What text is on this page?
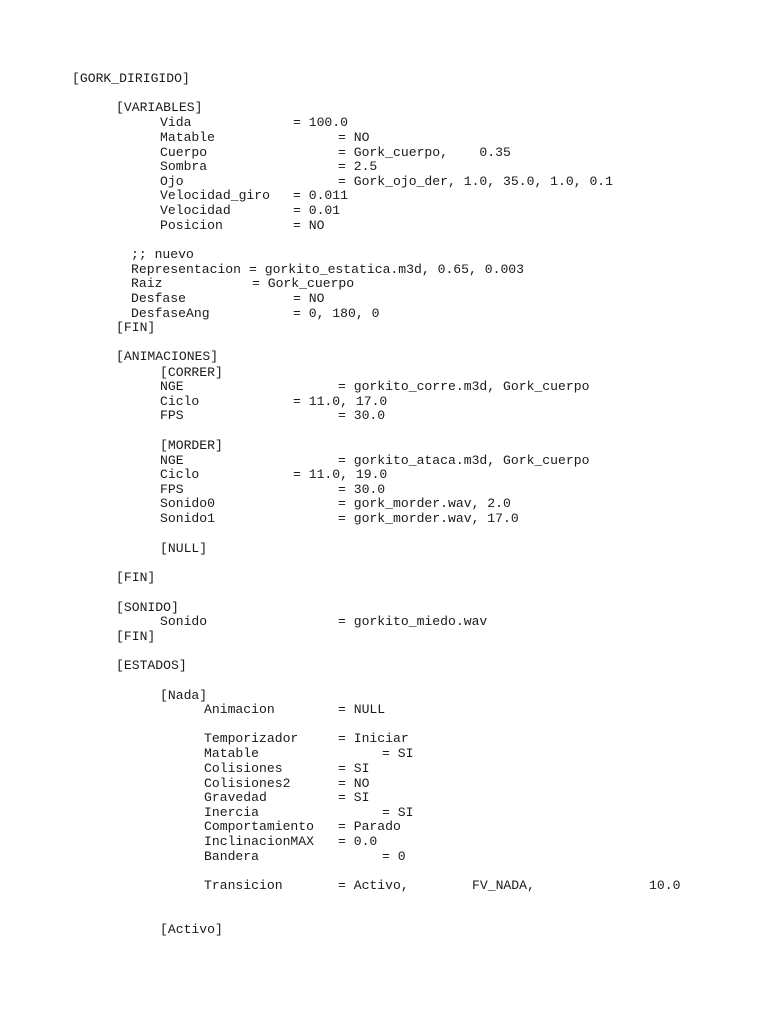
[GORK_DIRIGIDO]
[VARIABLES]
Vida	= 100.0
Matable	= NO
Cuerpo	= Gork_cuerpo,    0.35
Sombra	= 2.5
Ojo	= Gork_ojo_der, 1.0, 35.0, 1.0, 0.1
Velocidad_giro = 0.011
Velocidad	= 0.01
Posicion	= NO
;; nuevo
Representacion = gorkito_estatica.m3d, 0.65, 0.003
Raiz	= Gork_cuerpo
Desfase	= NO
DesfaseAng	= 0, 180, 0
[FIN]
[ANIMACIONES]
[CORRER]
NGE	= gorkito_corre.m3d, Gork_cuerpo
Ciclo	= 11.0, 17.0
FPS	= 30.0
[MORDER]
NGE	= gorkito_ataca.m3d, Gork_cuerpo
Ciclo	= 11.0, 19.0
FPS	= 30.0
Sonido0	= gork_morder.wav, 2.0
Sonido1	= gork_morder.wav, 17.0
[NULL]
[FIN]
[SONIDO]
Sonido	= gorkito_miedo.wav
[FIN]
[ESTADOS]
[Nada]
Animacion	= NULL
Temporizador	= Iniciar
Matable	= SI
Colisiones	= SI
Colisiones2	= NO
Gravedad	= SI
Inercia	= SI
Comportamiento = Parado
InclinacionMAX = 0.0
Bandera	= 0
Transicion	= Activo,	FV_NADA,	10.0
[Activo]
